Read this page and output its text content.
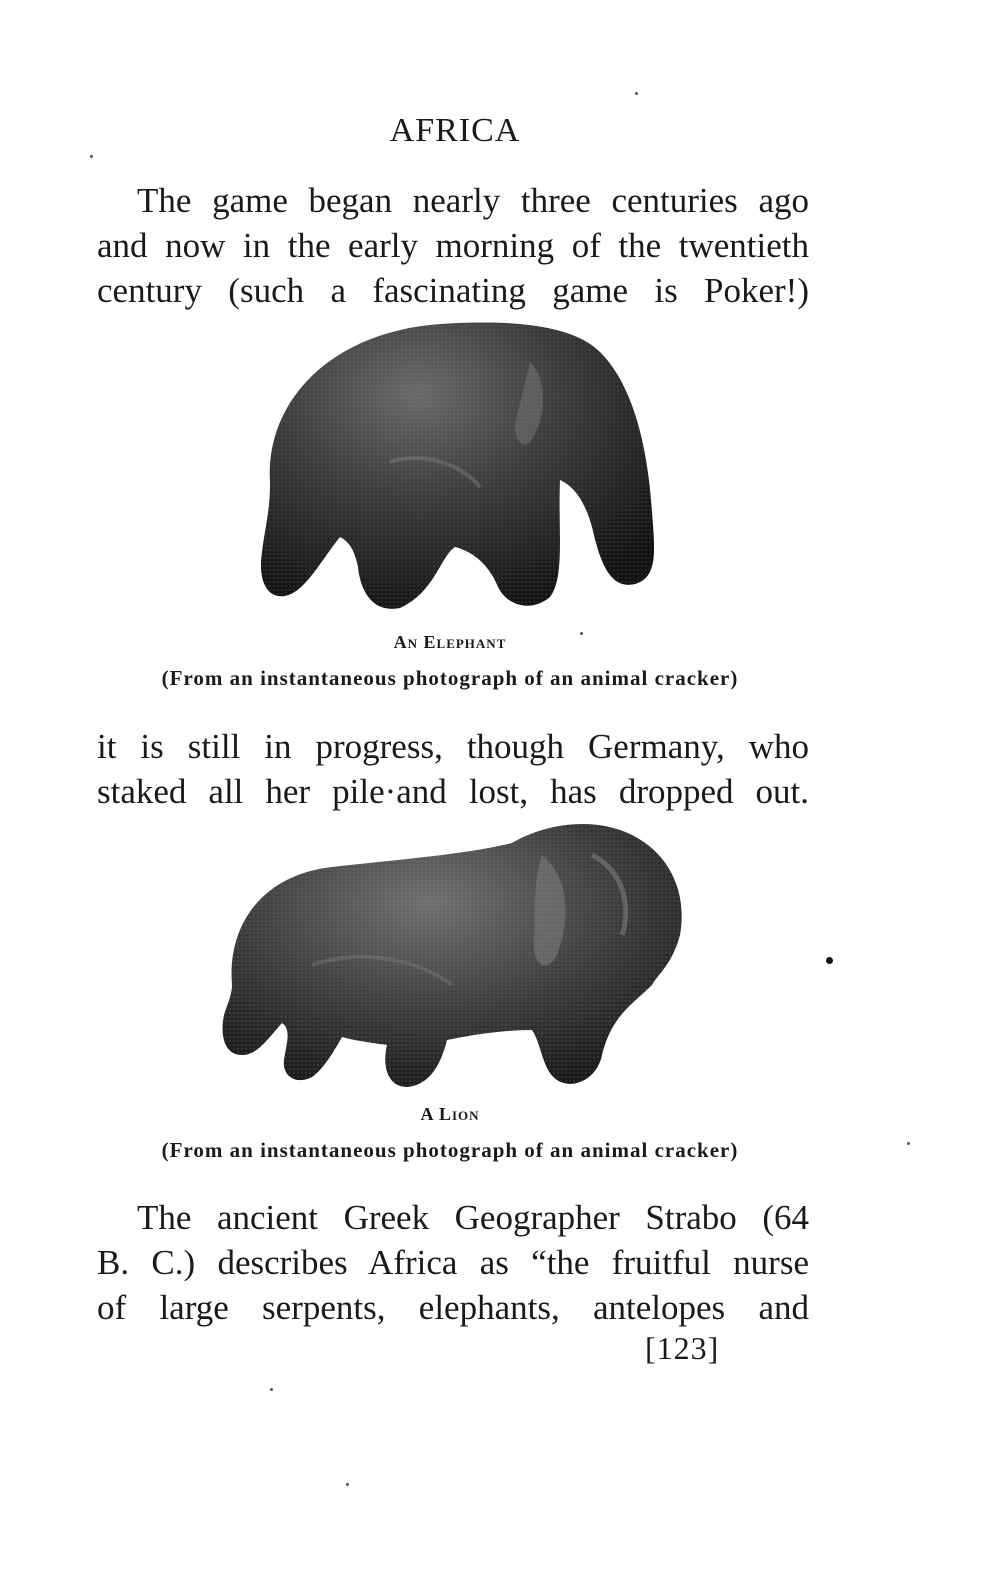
AFRICA

The game began nearly three centuries ago
and now in the early morning of the twentieth
century (such a fascinating game is Poker!)

An Elephant
(From an instantaneous photograph of an animal cracker)

it is still in progress, though Germany, who
staked all her pile·and lost, has dropped out.

A Lion
(From an instantaneous photograph of an animal cracker)

The ancient Greek Geographer Strabo (64
B. C.) describes Africa as “the fruitful nurse
of large serpents, elephants, antelopes and

[123]
